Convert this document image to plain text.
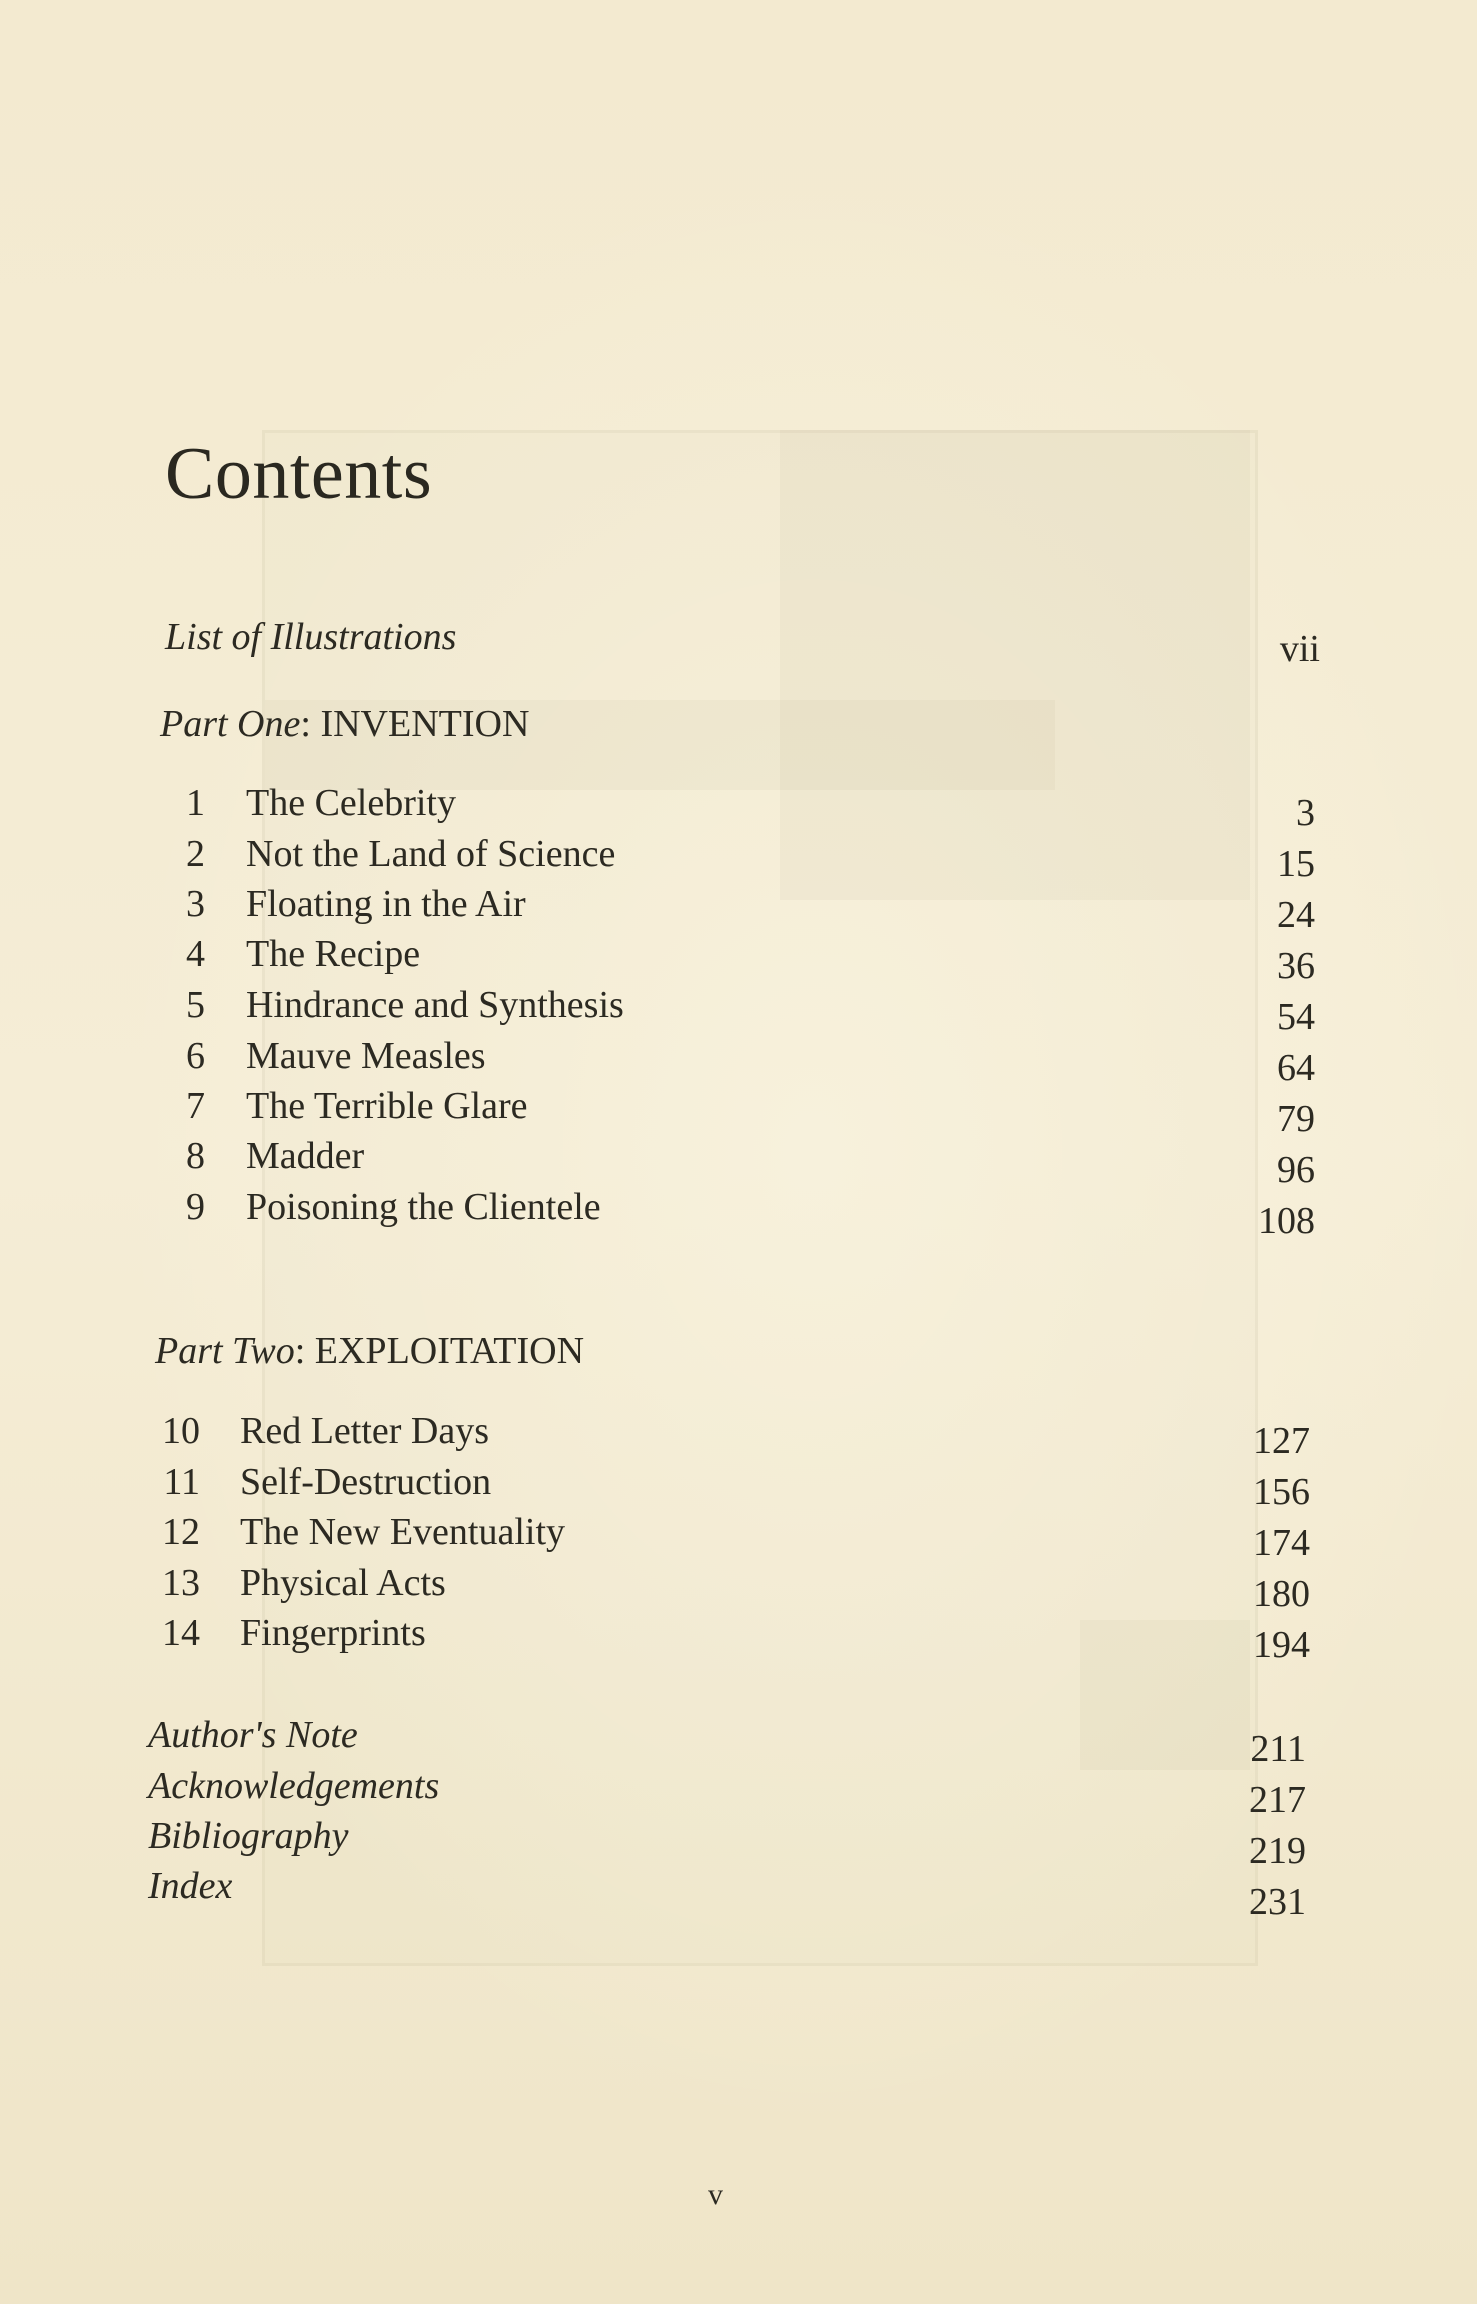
Contents
List of Illustrations	vii
Part One: INVENTION
1 The Celebrity	3
2 Not the Land of Science	15
3 Floating in the Air	24
4 The Recipe	36
5 Hindrance and Synthesis	54
6 Mauve Measles	64
7 The Terrible Glare	79
8 Madder	96
9 Poisoning the Clientele	108
Part Two: EXPLOITATION
10 Red Letter Days	127
11 Self-Destruction	156
12 The New Eventuality	174
13 Physical Acts	180
14 Fingerprints	194
Author's Note	211
Acknowledgements	217
Bibliography	219
Index	231
v
